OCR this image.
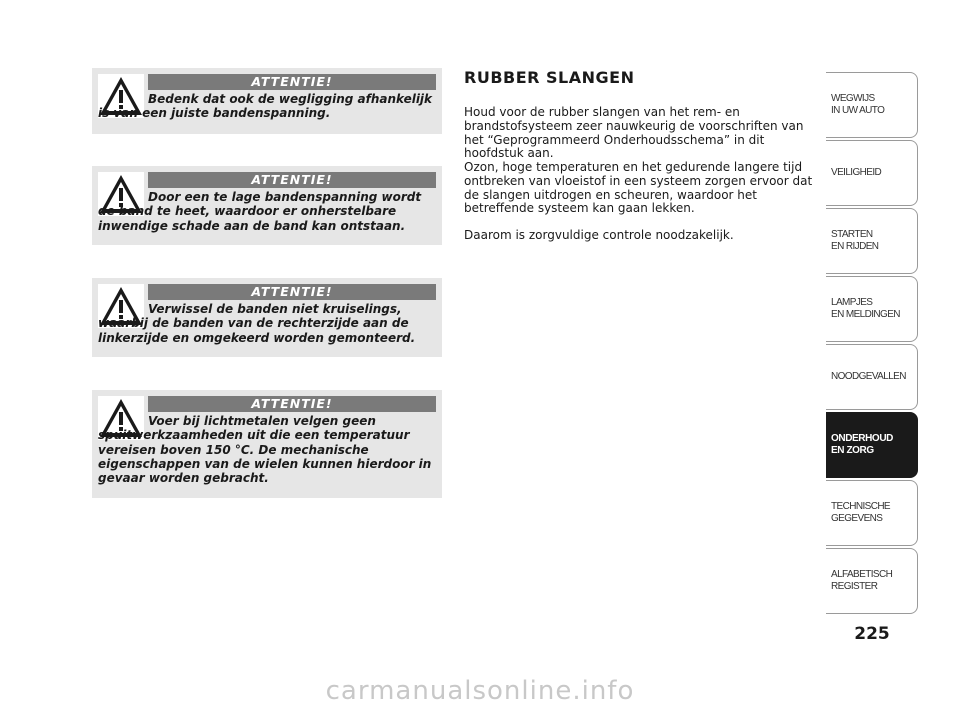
ATTENTIE!
Bedenk dat ook de wegligging afhankelijk is van een juiste bandenspanning.
ATTENTIE!
Door een te lage bandenspanning wordt de band te heet, waardoor er onherstelbare inwendige schade aan de band kan ontstaan.
ATTENTIE!
Verwissel de banden niet kruiselings, waarbij de banden van de rechterzijde aan de linkerzijde en omgekeerd worden gemonteerd.
ATTENTIE!
Voer bij lichtmetalen velgen geen spuitwerkzaamheden uit die een temperatuur vereisen boven 150 °C. De mechanische eigenschappen van de wielen kunnen hierdoor in gevaar worden gebracht.
RUBBER SLANGEN

Houd voor de rubber slangen van het rem- en brandstofsysteem zeer nauwkeurig de voorschriften van het “Geprogrammeerd Onderhoudsschema” in dit hoofdstuk aan.

Ozon, hoge temperaturen en het gedurende langere tijd ontbreken van vloeistof in een systeem zorgen ervoor dat de slangen uitdrogen en scheuren, waardoor het betreffende systeem kan gaan lekken.

Daarom is zorgvuldige controle noodzakelijk.

WEGWIJS
IN UW AUTO
VEILIGHEID
STARTEN
EN RIJDEN
LAMPJES
EN MELDINGEN
NOODGEVALLEN
ONDERHOUD
EN ZORG
TECHNISCHE
GEGEVENS
ALFABETISCH
REGISTER
225
carmanualsonline.info
